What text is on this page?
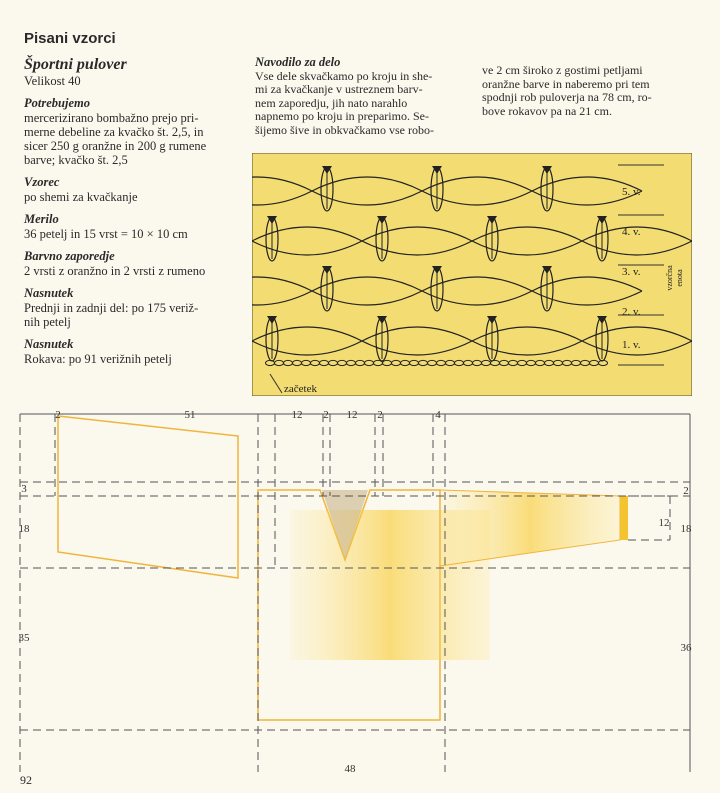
Pisani vzorci
Športni pulover
Velikost 40
Potrebujemo
mercerizirano bombažno prejo pri-
merne debeline za kvačko št. 2,5, in
sicer 250 g oranžne in 200 g rumene
barve; kvačko št. 2,5
Vzorec
po shemi za kvačkanje
Merilo
36 petelj in 15 vrst = 10 × 10 cm
Barvno zaporedje
2 vrsti z oranžno in 2 vrsti z rumeno
Nasnutek
Prednji in zadnji del: po 175 veriž-
nih petelj
Nasnutek
Rokava: po 91 verižnih petelj
Navodilo za delo
Vse dele skvačkamo po kroju in she-
mi za kvačkanje v ustreznem barv-
nem zaporedju, jih nato narahlo
napnemo po kroju in preparimo. Se-
šijemo šive in obkvačkamo vse robo-
ve 2 cm široko z gostimi petljami
oranžne barve in naberemo pri tem
spodnji rob puloverja na 78 cm, ro-
bove rokavov pa na 21 cm.
5. v.
4. v.
3. v.
2. v.
1. v.
začetek
vzorčna enota
2	51	12 2 12 2	4
3
18
35
2
18
36
12
48
92
